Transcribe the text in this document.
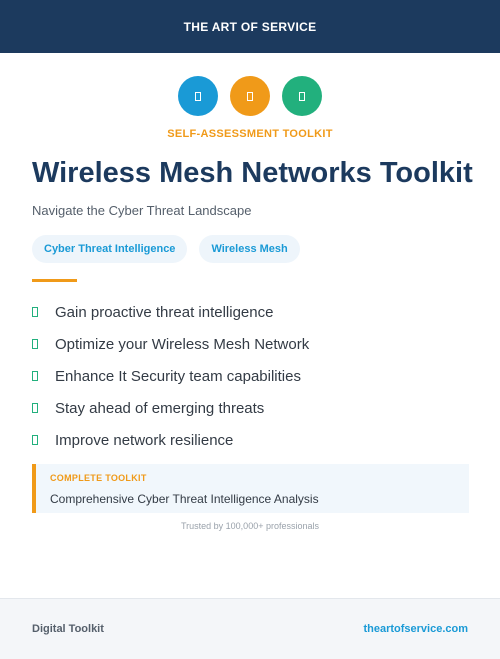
THE ART OF SERVICE
SELF-ASSESSMENT TOOLKIT
Wireless Mesh Networks Toolkit
Navigate the Cyber Threat Landscape
Cyber Threat Intelligence	Wireless Mesh
Gain proactive threat intelligence
Optimize your Wireless Mesh Network
Enhance It Security team capabilities
Stay ahead of emerging threats
Improve network resilience
COMPLETE TOOLKIT
Comprehensive Cyber Threat Intelligence Analysis
Trusted by 100,000+ professionals
Digital Toolkit	theartofservice.com
